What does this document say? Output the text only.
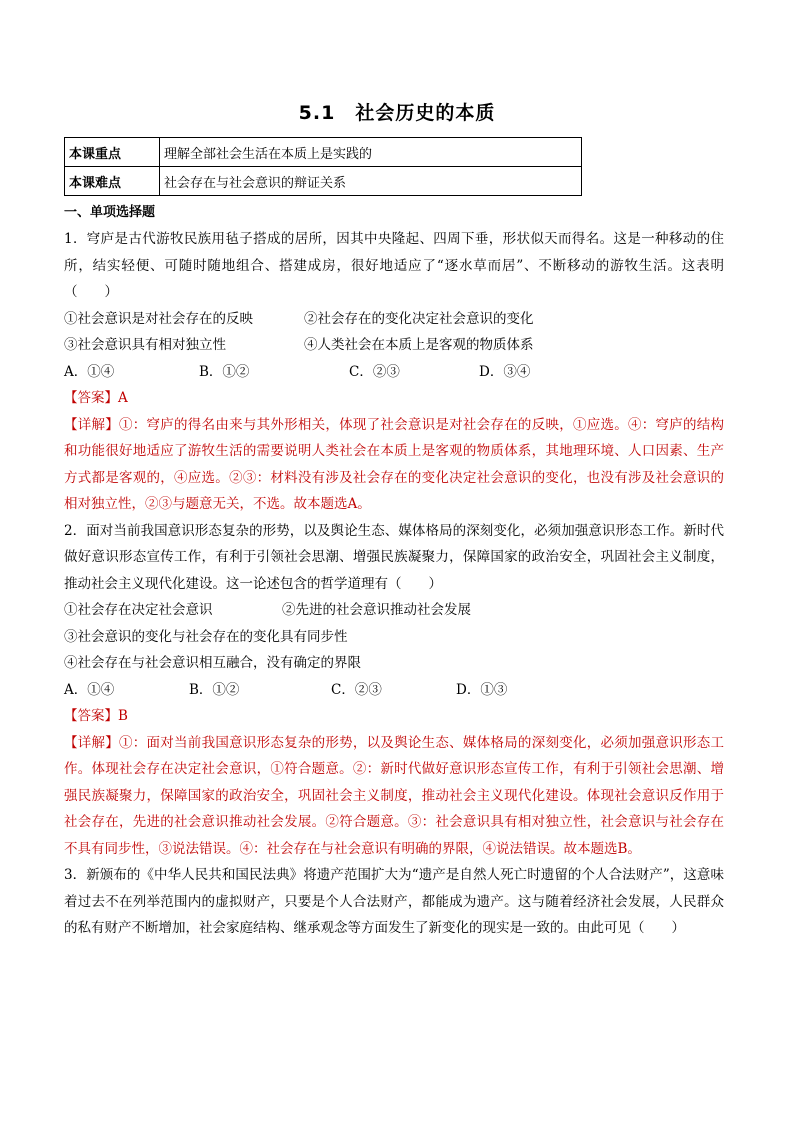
5.1　社会历史的本质
本课重点	理解全部社会生活在本质上是实践的
本课难点	社会存在与社会意识的辩证关系
一、单项选择题

1．穹庐是古代游牧民族用毡子搭成的居所，因其中央隆起、四周下垂，形状似天而得名。这是一种移动的住所，结实轻便、可随时随地组合、搭建成房，很好地适应了“逐水草而居”、不断移动的游牧生活。这表明（　　）

①社会意识是对社会存在的反映	②社会存在的变化决定社会意识的变化

③社会意识具有相对独立性	④人类社会在本质上是客观的物质体系

A．①④	B．①②	C．②③	D．③④

【答案】A

【详解】①：穹庐的得名由来与其外形相关，体现了社会意识是对社会存在的反映，①应选。④：穹庐的结构和功能很好地适应了游牧生活的需要说明人类社会在本质上是客观的物质体系，其地理环境、人口因素、生产方式都是客观的，④应选。②③：材料没有涉及社会存在的变化决定社会意识的变化，也没有涉及社会意识的相对独立性，②③与题意无关，不选。故本题选A。

2．面对当前我国意识形态复杂的形势，以及舆论生态、媒体格局的深刻变化，必须加强意识形态工作。新时代做好意识形态宣传工作，有利于引领社会思潮、增强民族凝聚力，保障国家的政治安全，巩固社会主义制度，推动社会主义现代化建设。这一论述包含的哲学道理有（　　）

①社会存在决定社会意识	②先进的社会意识推动社会发展

③社会意识的变化与社会存在的变化具有同步性

④社会存在与社会意识相互融合，没有确定的界限

A．①④	B．①②	C．②③	D．①③

【答案】B

【详解】①：面对当前我国意识形态复杂的形势，以及舆论生态、媒体格局的深刻变化，必须加强意识形态工作。体现社会存在决定社会意识，①符合题意。②：新时代做好意识形态宣传工作，有利于引领社会思潮、增强民族凝聚力，保障国家的政治安全，巩固社会主义制度，推动社会主义现代化建设。体现社会意识反作用于社会存在，先进的社会意识推动社会发展。②符合题意。③：社会意识具有相对独立性，社会意识与社会存在不具有同步性，③说法错误。④：社会存在与社会意识有明确的界限，④说法错误。故本题选B。

3．新颁布的《中华人民共和国民法典》将遗产范围扩大为“遗产是自然人死亡时遗留的个人合法财产”，这意味着过去不在列举范围内的虚拟财产，只要是个人合法财产，都能成为遗产。这与随着经济社会发展，人民群众的私有财产不断增加，社会家庭结构、继承观念等方面发生了新变化的现实是一致的。由此可见（　　）
